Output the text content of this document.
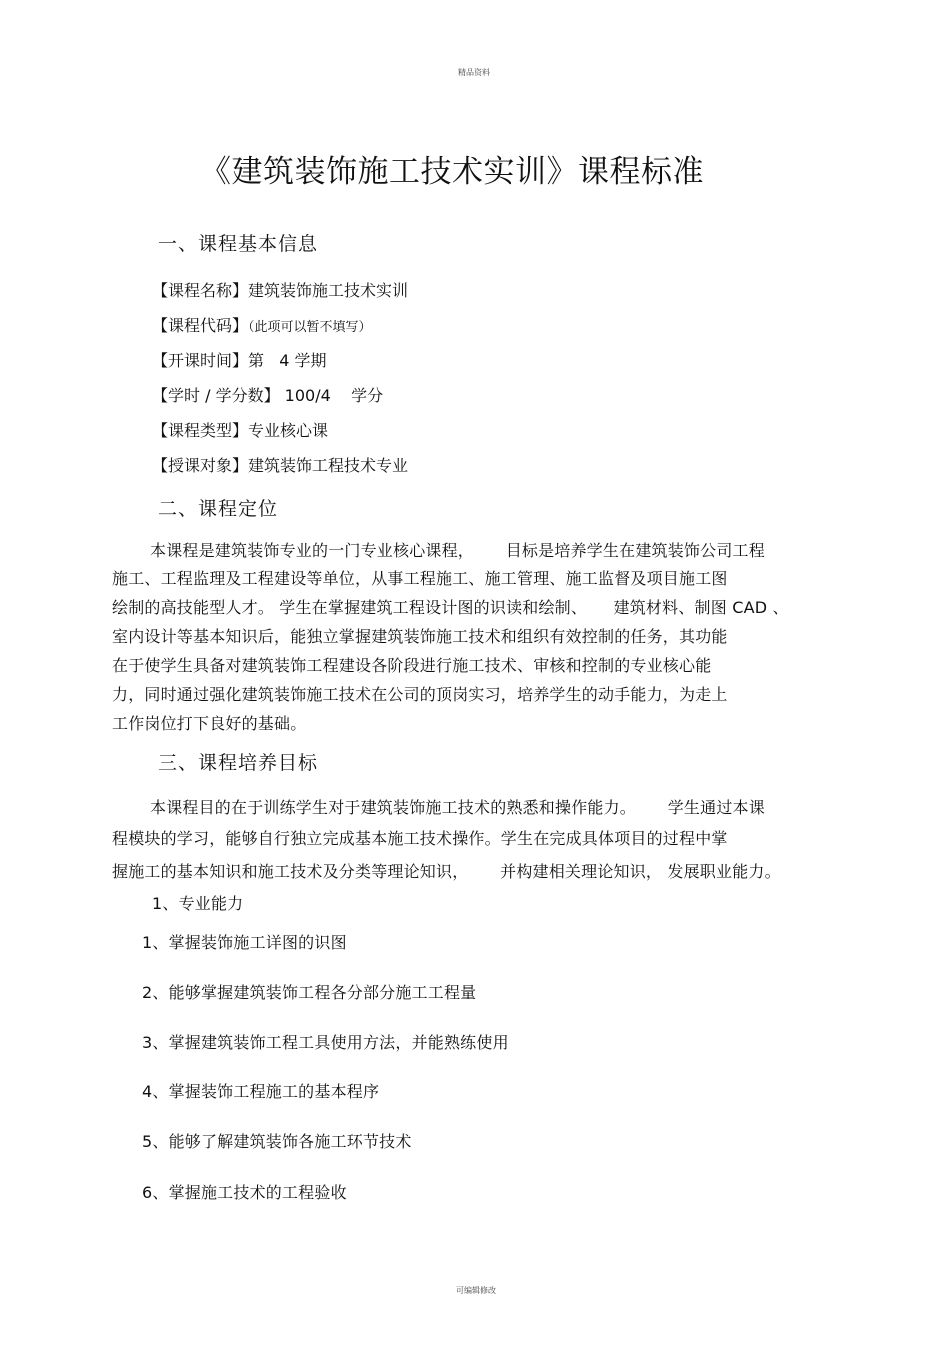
精品资料
可编辑修改
《建筑装饰施工技术实训》课程标准
一、课程基本信息
【课程名称】建筑装饰施工技术实训
【课程代码】（此项可以暂不填写）
【开课时间】第   4 学期
【学时 / 学分数】 100/4    学分
【课程类型】专业核心课
【授课对象】建筑装饰工程技术专业
二、课程定位
本课程是建筑装饰专业的一门专业核心课程，      目标是培养学生在建筑装饰公司工程
施工、工程监理及工程建设等单位，从事工程施工、施工管理、施工监督及项目施工图
绘制的高技能型人才。 学生在掌握建筑工程设计图的识读和绘制、     建筑材料、制图 CAD 、
室内设计等基本知识后，能独立掌握建筑装饰施工技术和组织有效控制的任务，其功能
在于使学生具备对建筑装饰工程建设各阶段进行施工技术、审核和控制的专业核心能
力，同时通过强化建筑装饰施工技术在公司的顶岗实习，培养学生的动手能力，为走上
工作岗位打下良好的基础。
三、课程培养目标
本课程目的在于训练学生对于建筑装饰施工技术的熟悉和操作能力。      学生通过本课
程模块的学习，能够自行独立完成基本施工技术操作。学生在完成具体项目的过程中掌
握施工的基本知识和施工技术及分类等理论知识，      并构建相关理论知识， 发展职业能力。
1、专业能力
1、掌握装饰施工详图的识图
2、能够掌握建筑装饰工程各分部分施工工程量
3、掌握建筑装饰工程工具使用方法，并能熟练使用
4、掌握装饰工程施工的基本程序
5、能够了解建筑装饰各施工环节技术
6、掌握施工技术的工程验收
